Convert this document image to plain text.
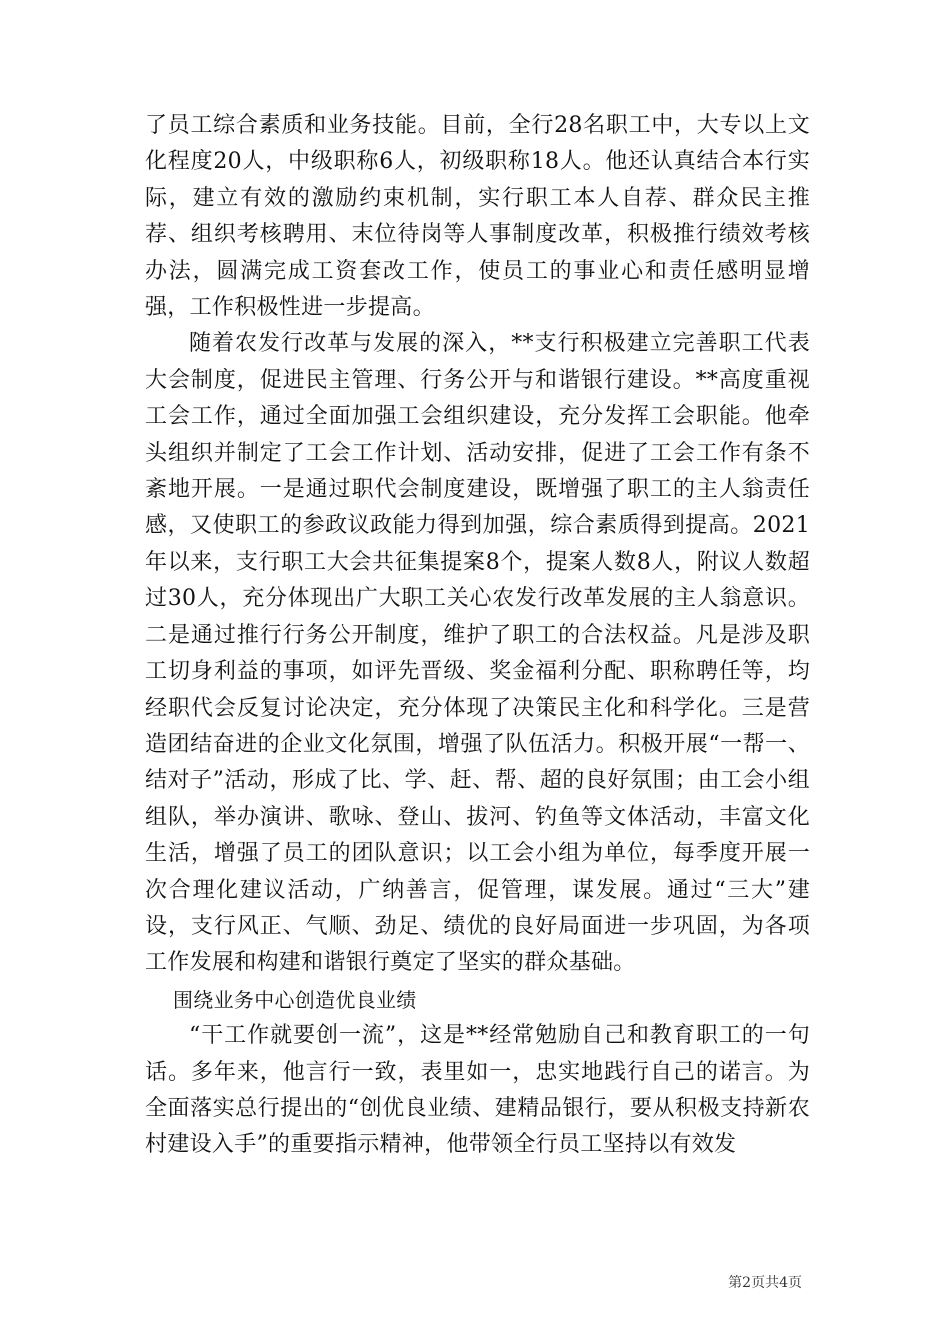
了员工综合素质和业务技能。目前，全行28名职工中，大专以上文化程度20人，中级职称6人，初级职称18人。他还认真结合本行实际，建立有效的激励约束机制，实行职工本人自荐、群众民主推荐、组织考核聘用、末位待岗等人事制度改革，积极推行绩效考核办法，圆满完成工资套改工作，使员工的事业心和责任感明显增强，工作积极性进一步提高。

随着农发行改革与发展的深入，**支行积极建立完善职工代表大会制度，促进民主管理、行务公开与和谐银行建设。**高度重视工会工作，通过全面加强工会组织建设，充分发挥工会职能。他牵头组织并制定了工会工作计划、活动安排，促进了工会工作有条不紊地开展。一是通过职代会制度建设，既增强了职工的主人翁责任感，又使职工的参政议政能力得到加强，综合素质得到提高。2021年以来，支行职工大会共征集提案8个，提案人数8人，附议人数超过30人，充分体现出广大职工关心农发行改革发展的主人翁意识。二是通过推行行务公开制度，维护了职工的合法权益。凡是涉及职工切身利益的事项，如评先晋级、奖金福利分配、职称聘任等，均经职代会反复讨论决定，充分体现了决策民主化和科学化。三是营造团结奋进的企业文化氛围，增强了队伍活力。积极开展“一帮一、结对子”活动，形成了比、学、赶、帮、超的良好氛围；由工会小组组队，举办演讲、歌咏、登山、拔河、钓鱼等文体活动，丰富文化生活，增强了员工的团队意识；以工会小组为单位，每季度开展一次合理化建议活动，广纳善言，促管理，谋发展。通过“三大”建设，支行风正、气顺、劲足、绩优的良好局面进一步巩固，为各项工作发展和构建和谐银行奠定了坚实的群众基础。

围绕业务中心创造优良业绩

“干工作就要创一流”，这是**经常勉励自己和教育职工的一句话。多年来，他言行一致，表里如一，忠实地践行自己的诺言。为全面落实总行提出的“创优良业绩、建精品银行，要从积极支持新农村建设入手”的重要指示精神，他带领全行员工坚持以有效发

第2页共4页
